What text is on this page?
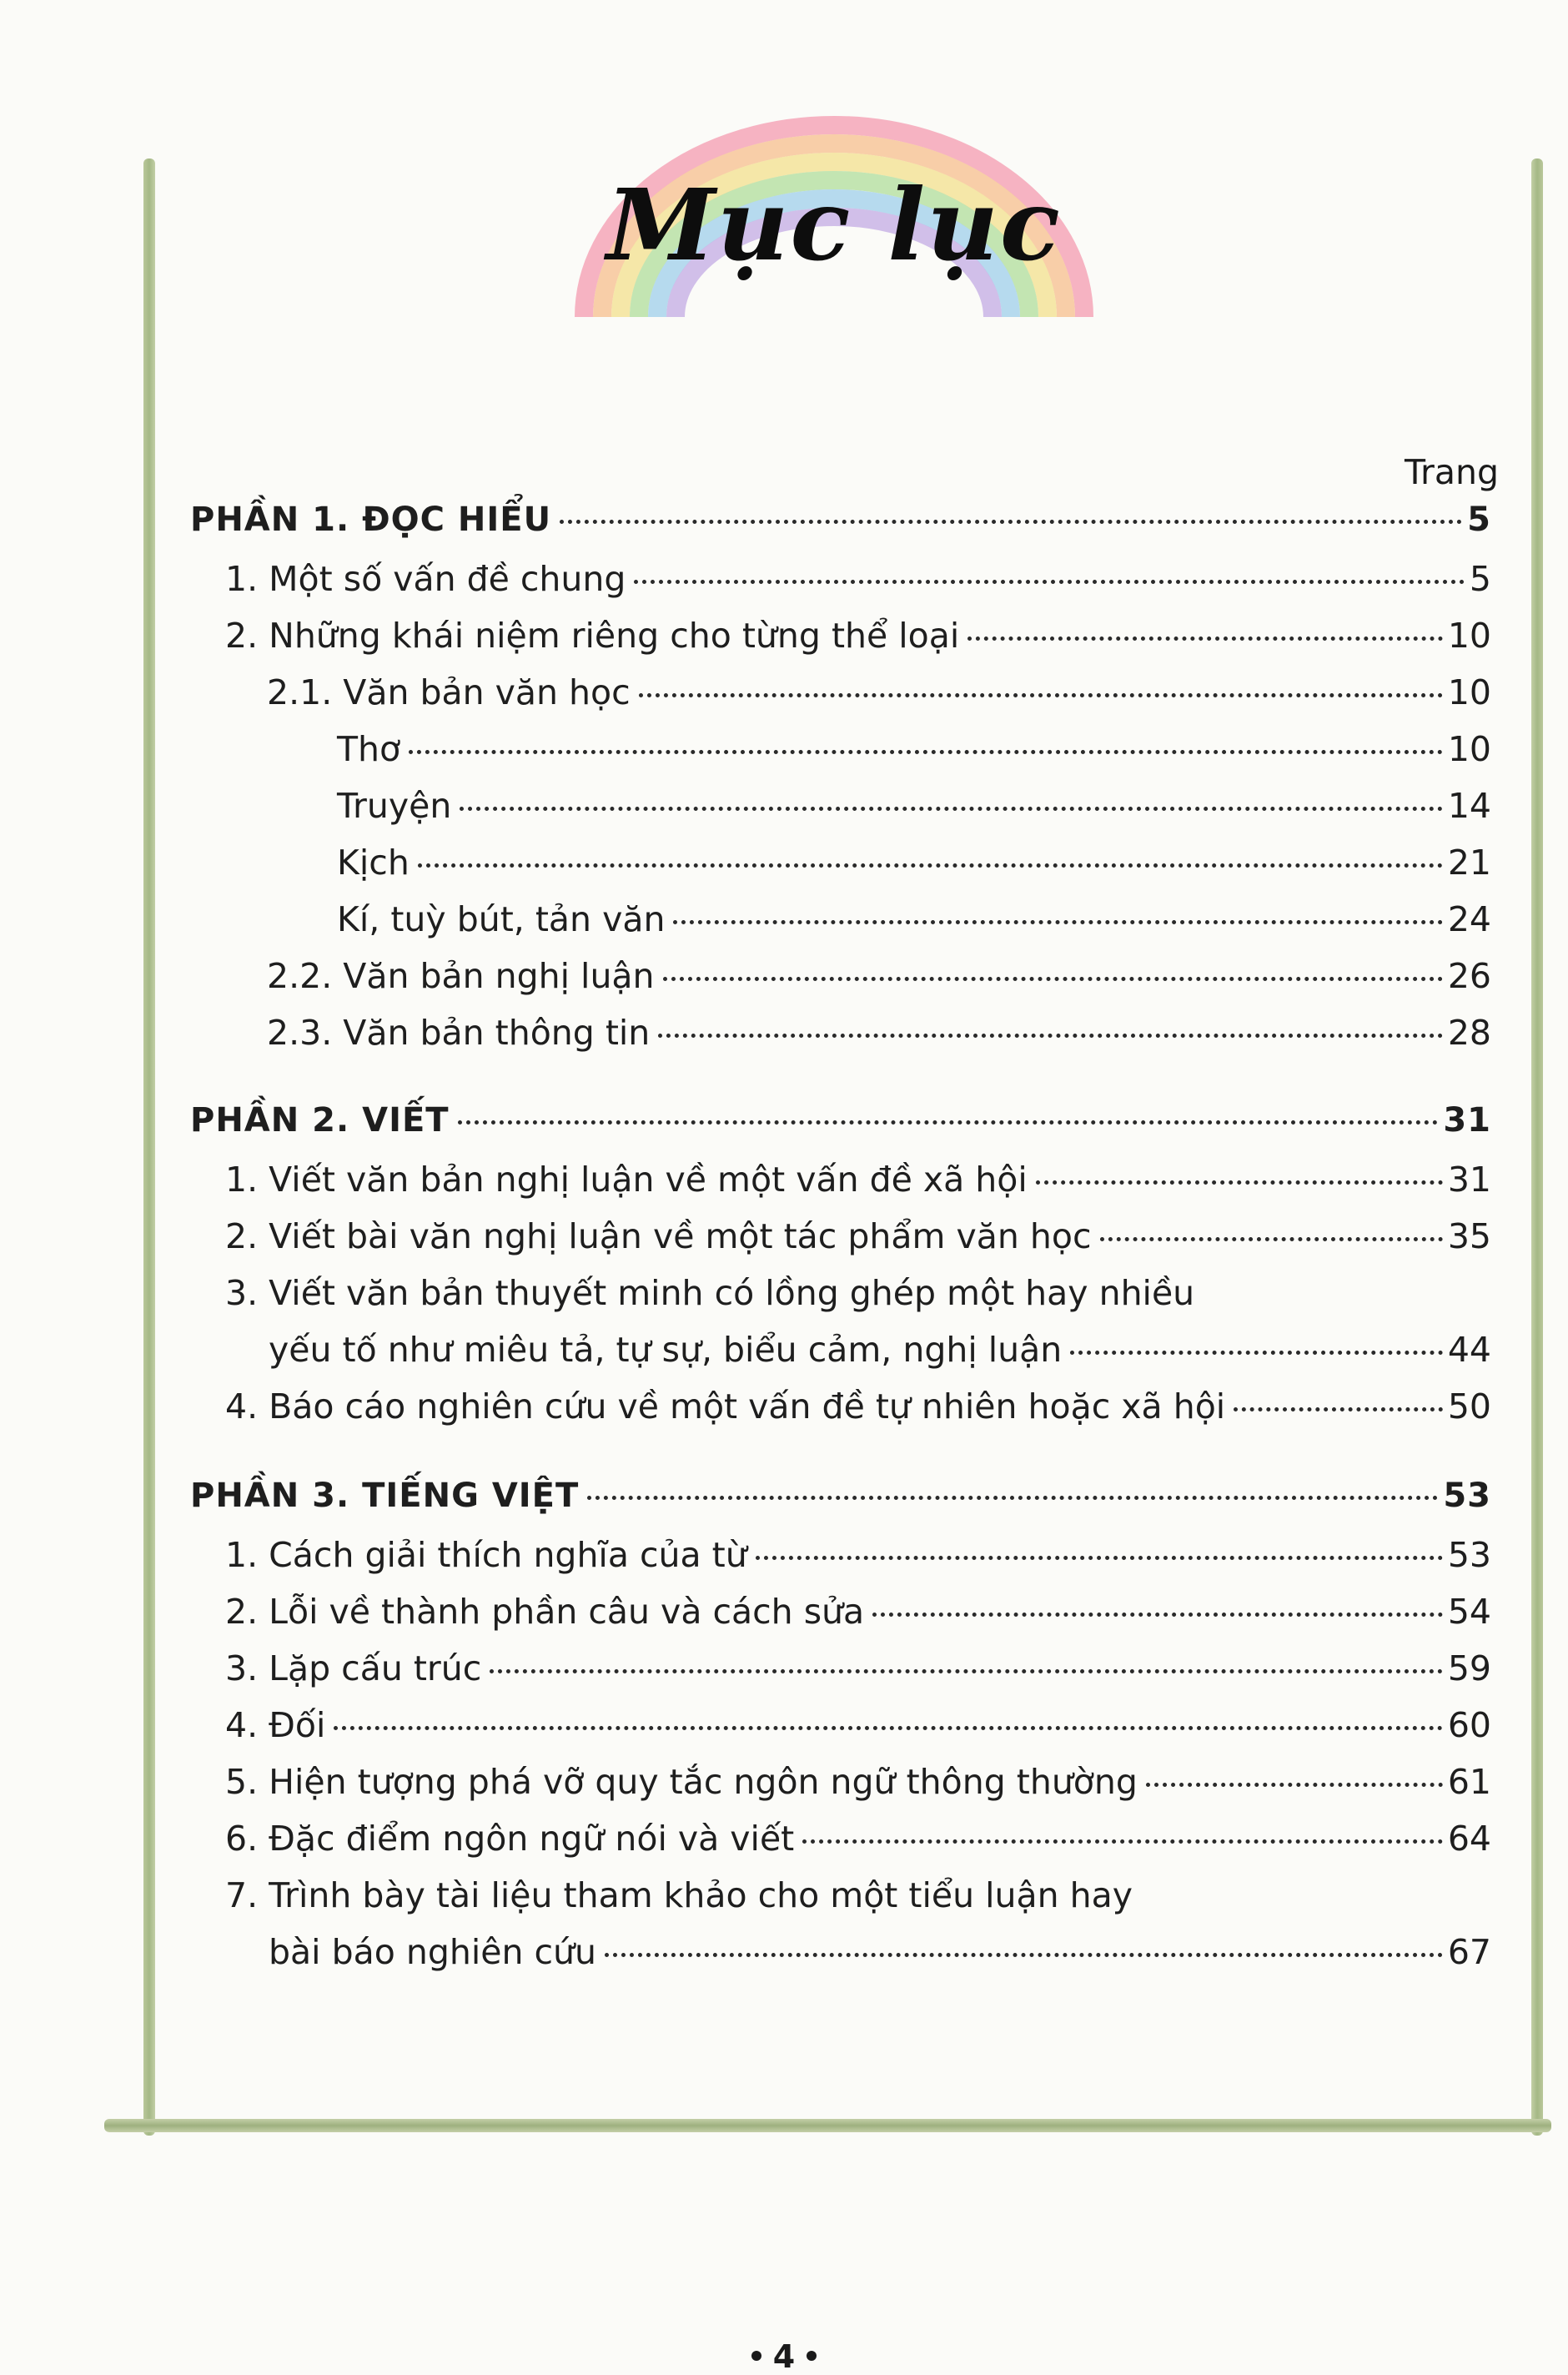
Mục lục
Trang
PHẦN 1. ĐỌC HIỂU	5
1. Một số vấn đề chung	5
2. Những khái niệm riêng cho từng thể loại	10
2.1. Văn bản văn học	10
Thơ	10
Truyện	14
Kịch	21
Kí, tuỳ bút, tản văn	24
2.2. Văn bản nghị luận	26
2.3. Văn bản thông tin	28
PHẦN 2. VIẾT	31
1. Viết văn bản nghị luận về một vấn đề xã hội	31
2. Viết bài văn nghị luận về một tác phẩm văn học	35
3. Viết văn bản thuyết minh có lồng ghép một hay nhiều
yếu tố như miêu tả, tự sự, biểu cảm, nghị luận	44
4. Báo cáo nghiên cứu về một vấn đề tự nhiên hoặc xã hội	50
PHẦN 3. TIẾNG VIỆT	53
1. Cách giải thích nghĩa của từ	53
2. Lỗi về thành phần câu và cách sửa	54
3. Lặp cấu trúc	59
4. Đối	60
5. Hiện tượng phá vỡ quy tắc ngôn ngữ thông thường	61
6. Đặc điểm ngôn ngữ nói và viết	64
7. Trình bày tài liệu tham khảo cho một tiểu luận hay
bài báo nghiên cứu	67
4
